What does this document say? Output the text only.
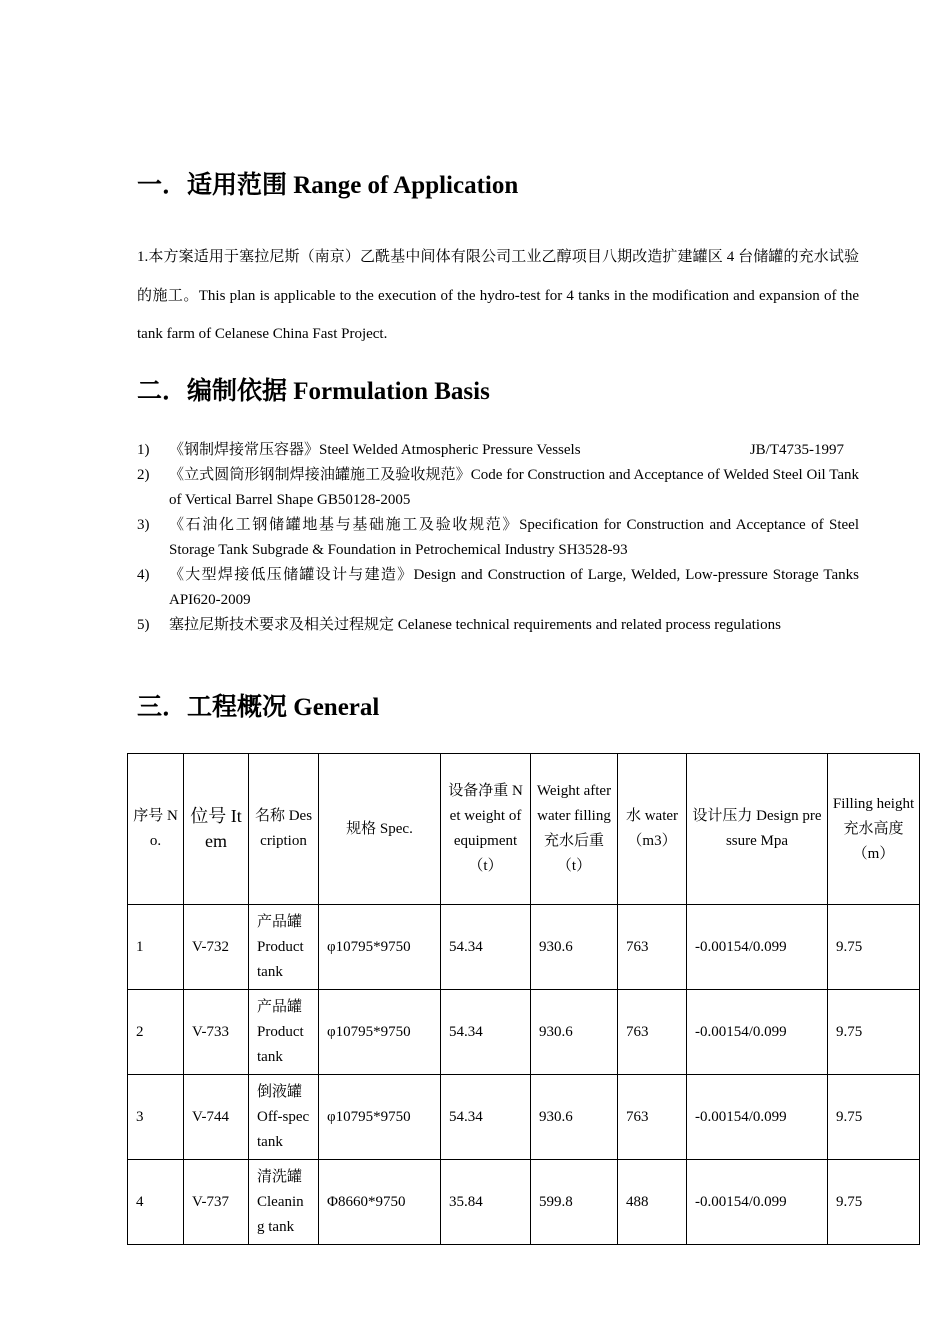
一．适用范围 Range of Application

1.本方案适用于塞拉尼斯（南京）乙酰基中间体有限公司工业乙醇项目八期改造扩建罐区 4 台储罐的充水试验的施工。This plan is applicable to the execution of the hydro-test for 4 tanks in the modification and expansion of the tank farm of Celanese China Fast Project.

二．编制依据 Formulation Basis
1)	JB/T4735-1997
《钢制焊接常压容器》Steel Welded Atmospheric Pressure Vessels
2) 《立式圆筒形钢制焊接油罐施工及验收规范》Code for Construction and Acceptance of Welded Steel Oil Tank of Vertical Barrel Shape GB50128-2005
3) 《石油化工钢储罐地基与基础施工及验收规范》Specification for Construction and Acceptance of Steel Storage Tank Subgrade & Foundation in Petrochemical Industry SH3528-93
4) 《大型焊接低压储罐设计与建造》Design and Construction of Large, Welded, Low-pressure Storage Tanks      API620-2009
5) 塞拉尼斯技术要求及相关过程规定 Celanese technical requirements and related process regulations
三．工程概况 General
序号 No.	位号 Item	名称 Description	规格 Spec.	设备净重 Net weight of equipment（t）	Weight after water filling 充水后重（t）	水 water（m3）	设计压力 Design pressure Mpa	Filling height 充水高度（m）
1	V-732	产品罐 Product tank	φ10795*9750	54.34	930.6	763	-0.00154/0.099	9.75
2	V-733	产品罐 Product tank	φ10795*9750	54.34	930.6	763	-0.00154/0.099	9.75
3	V-744	倒液罐 Off-spec tank	φ10795*9750	54.34	930.6	763	-0.00154/0.099	9.75
4	V-737	清洗罐 Cleaning tank	Φ8660*9750	35.84	599.8	488	-0.00154/0.099	9.75
